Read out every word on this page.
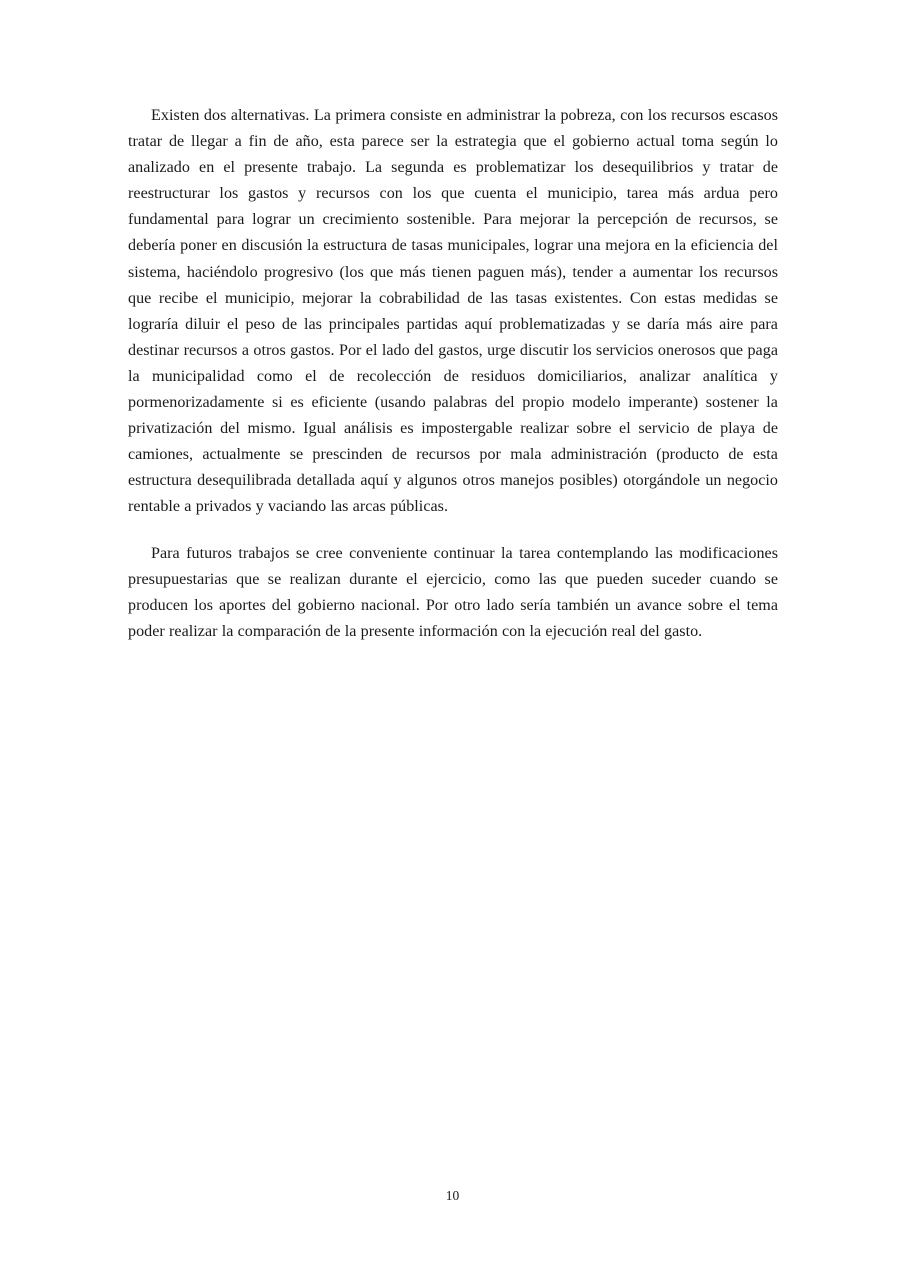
Existen dos alternativas. La primera consiste en administrar la pobreza, con los recursos escasos tratar de llegar a fin de año, esta parece ser la estrategia que el gobierno actual toma según lo analizado en el presente trabajo. La segunda es problematizar los desequilibrios y tratar de reestructurar los gastos y recursos con los que cuenta el municipio, tarea más ardua pero fundamental para lograr un crecimiento sostenible. Para mejorar la percepción de recursos, se debería poner en discusión la estructura de tasas municipales, lograr una mejora en la eficiencia del sistema, haciéndolo progresivo (los que más tienen paguen más), tender a aumentar los recursos que recibe el municipio, mejorar la cobrabilidad de las tasas existentes. Con estas medidas se lograría diluir el peso de las principales partidas aquí problematizadas y se daría más aire para destinar recursos a otros gastos. Por el lado del gastos, urge discutir los servicios onerosos que paga la municipalidad como el de recolección de residuos domiciliarios, analizar analítica y pormenorizadamente si es eficiente (usando palabras del propio modelo imperante) sostener la privatización del mismo. Igual análisis es impostergable realizar sobre el servicio de playa de camiones, actualmente se prescinden de recursos por mala administración (producto de esta estructura desequilibrada detallada aquí y algunos otros manejos posibles) otorgándole un negocio rentable a privados y vaciando las arcas públicas.

Para futuros trabajos se cree conveniente continuar la tarea contemplando las modificaciones presupuestarias que se realizan durante el ejercicio, como las que pueden suceder cuando se producen los aportes del gobierno nacional. Por otro lado sería también un avance sobre el tema poder realizar la comparación de la presente información con la ejecución real del gasto.

10
